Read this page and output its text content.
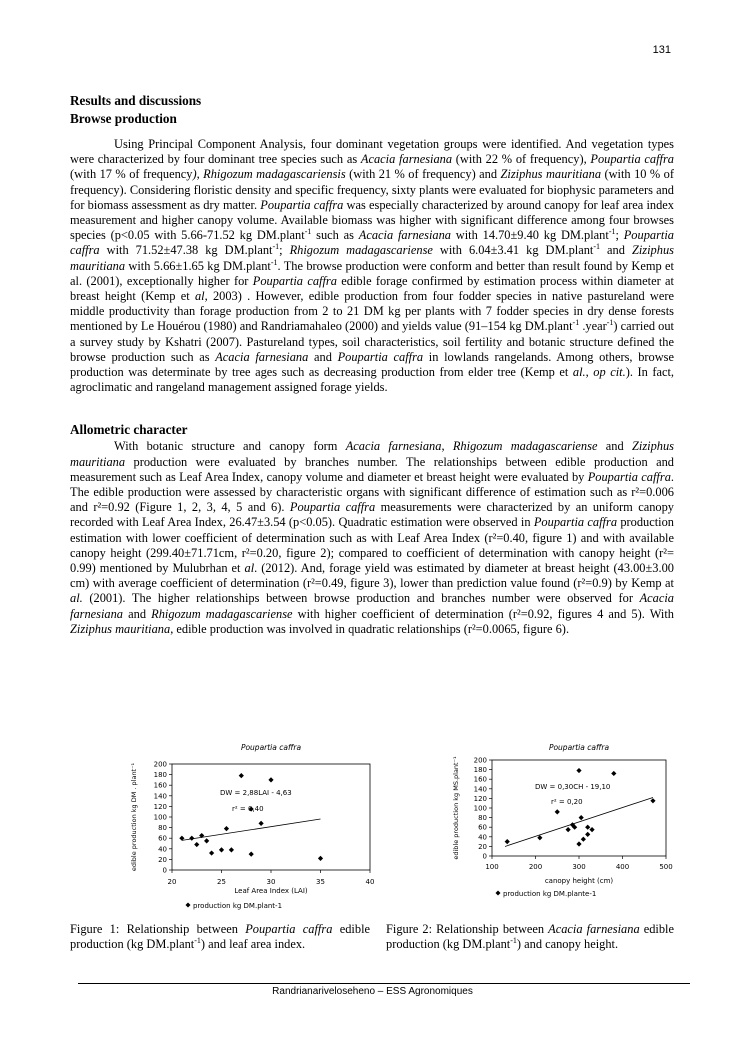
131
Results and discussions
Browse production

Using Principal Component Analysis, four dominant vegetation groups were identified. And vegetation types were characterized by four dominant tree species such as Acacia farnesiana (with 22 % of frequency), Poupartia caffra (with 17 % of frequency), Rhigozum madagascariensis (with 21 % of frequency) and Ziziphus mauritiana (with 10 % of frequency). Considering floristic density and specific frequency, sixty plants were evaluated for biophysic parameters and for biomass assessment as dry matter. Poupartia caffra was especially characterized by around canopy for leaf area index measurement and higher canopy volume. Available biomass was higher with significant difference among four browses species (p<0.05 with 5.66-71.52 kg DM.plant$^{-1}$ such as Acacia farnesiana with 14.70±9.40 kg DM.plant$^{-1}$; Poupartia caffra with 71.52±47.38 kg DM.plant$^{-1}$; Rhigozum madagascariense with 6.04±3.41 kg DM.plant$^{-1}$ and Ziziphus mauritiana with 5.66±1.65 kg DM.plant$^{-1}$. The browse production were conform and better than result found by Kemp et al. (2001), exceptionally higher for Poupartia caffra edible forage confirmed by estimation process within diameter at breast height (Kemp et al, 2003) . However, edible production from four fodder species in native pastureland were middle productivity than forage production from 2 to 21 DM kg per plants with 7 fodder species in dry dense forests mentioned by Le Houérou (1980) and Randriamahaleo (2000) and yields value (91–154 kg DM.plant$^{-1}$ .year$^{-1}$) carried out a survey study by Kshatri (2007). Pastureland types, soil characteristics, soil fertility and botanic structure defined the browse production such as Acacia farnesiana and Poupartia caffra in lowlands rangelands. Among others, browse production was determinate by tree ages such as decreasing production from elder tree (Kemp et al., op cit.). In fact, agroclimatic and rangeland management assigned forage yields.

Allometric character

With botanic structure and canopy form Acacia farnesiana, Rhigozum madagascariense and Ziziphus mauritiana production were evaluated by branches number. The relationships between edible production and measurement such as Leaf Area Index, canopy volume and diameter et breast height were evaluated by Poupartia caffra. The edible production were assessed by characteristic organs with significant difference of estimation such as r²=0.006 and r²=0.92 (Figure 1, 2, 3, 4, 5 and 6). Poupartia caffra measurements were characterized by an uniform canopy recorded with Leaf Area Index, 26.47±3.54 (p<0.05). Quadratic estimation were observed in Poupartia caffra production estimation with lower coefficient of determination such as with Leaf Area Index (r²=0.40, figure 1) and with available canopy height (299.40±71.71cm, r²=0.20, figure 2); compared to coefficient of determination with canopy height (r²= 0.99) mentioned by Mulubrhan et al. (2012). And, forage yield was estimated by diameter at breast height (43.00±3.00 cm) with average coefficient of determination (r²=0.49, figure 3), lower than prediction value found (r²=0.9) by Kemp at al. (2001). The higher relationships between browse production and branches number were observed for Acacia farnesiana and Rhigozum madagascariense with higher coefficient of determination (r²=0.92, figures 4 and 5). With Ziziphus mauritiana, edible production was involved in quadratic relationships (r²=0.0065, figure 6).

Poupartia caffra
0
20
40
60
80
100
120
140
160
180
200
20	25	30	35	40
Leaf Area Index (LAI)
edible production kg DM . plant⁻¹	DW = 2,88LAI - 4,63
r² = 0,40
production kg DM.plant-1
Poupartia caffra
0
20
40
60
80
100
120
140
160
180
200
100	200	300	400	500
canopy height (cm)
edible production kg MS.plant⁻¹	DW = 0,30CH - 19,10
r² = 0,20
production kg DM.plante-1
Figure 1: Relationship between Poupartia caffra edible production (kg DM.plant$^{-1}$) and leaf area index.
Figure 2: Relationship between Acacia farnesiana edible production (kg DM.plant$^{-1}$) and canopy height.
Randrianariveloseheno – ESS Agronomiques
